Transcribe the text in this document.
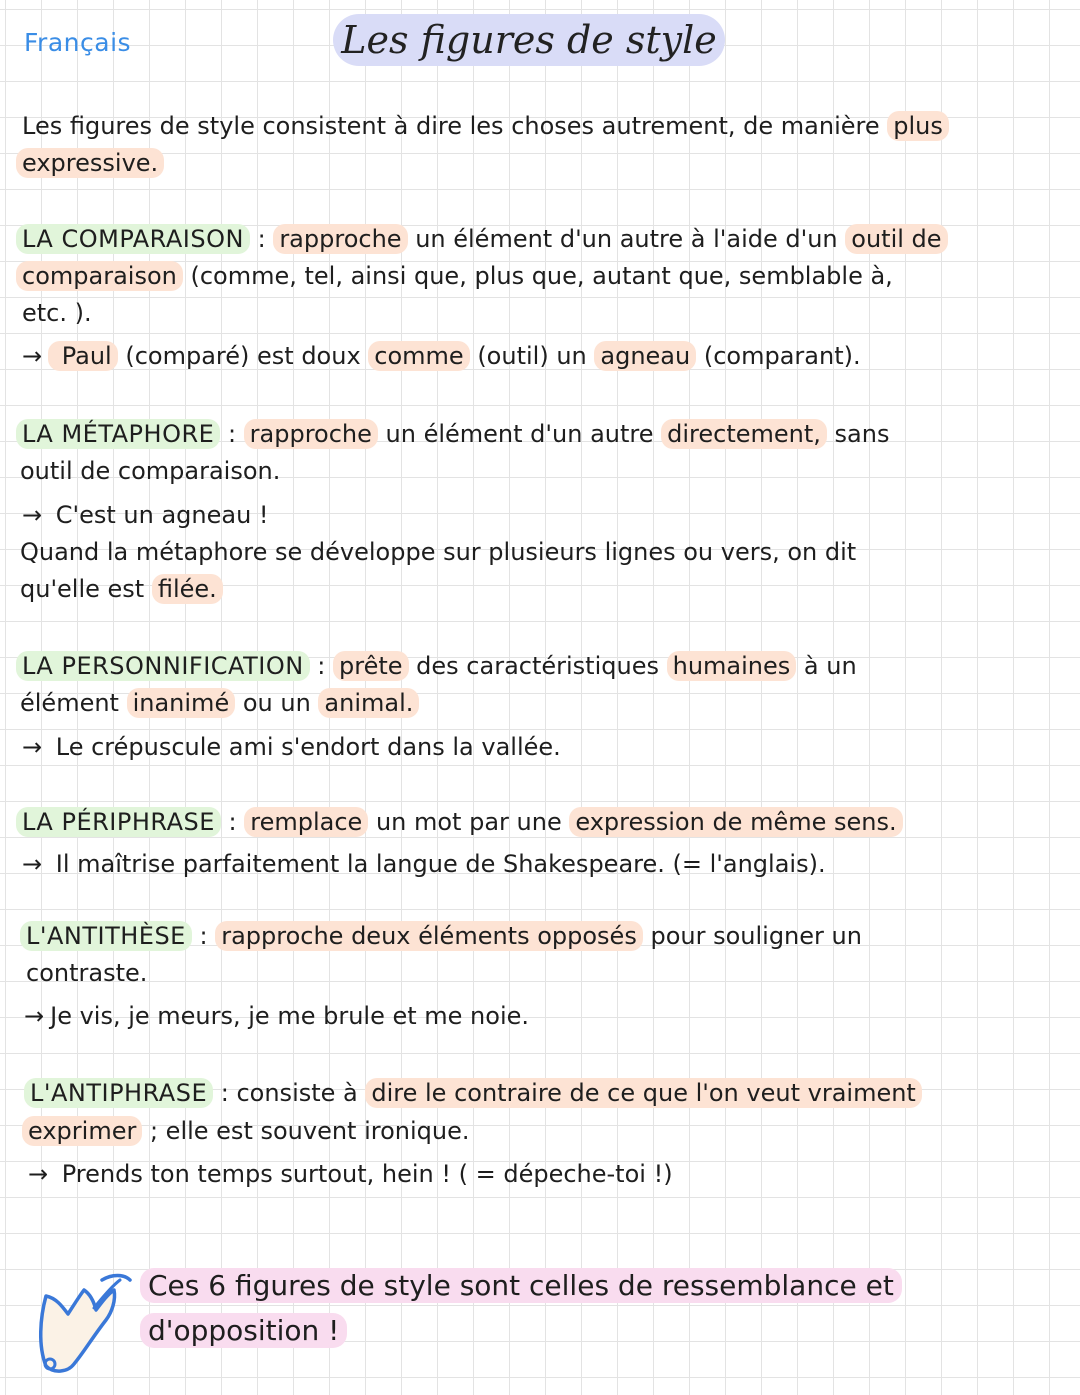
Français	Les figures de style
Les figures de style consistent à dire les choses autrement, de manière plus
expressive.
LA COMPARAISON : rapproche un élément d'un autre à l'aide d'un outil de
comparaison (comme, tel, ainsi que, plus que, autant que, semblable à,
etc. ).
→ Paul (comparé) est doux comme (outil) un agneau (comparant).
LA MÉTAPHORE : rapproche un élément d'un autre directement, sans
outil de comparaison.
→ C'est un agneau !
Quand la métaphore se développe sur plusieurs lignes ou vers, on dit
qu'elle est filée.
LA PERSONNIFICATION : prête des caractéristiques humaines à un
élément inanimé ou un animal.
→ Le crépuscule ami s'endort dans la vallée.
LA PÉRIPHRASE : remplace un mot par une expression de même sens.
→ Il maîtrise parfaitement la langue de Shakespeare. (= l'anglais).
L'ANTITHÈSE : rapproche deux éléments opposés pour souligner un
contraste.
→ Je vis, je meurs, je me brule et me noie.
L'ANTIPHRASE : consiste à dire le contraire de ce que l'on veut vraiment
exprimer ; elle est souvent ironique.
→ Prends ton temps surtout, hein ! ( = dépeche-toi !)
Ces 6 figures de style sont celles de ressemblance et
d'opposition !
